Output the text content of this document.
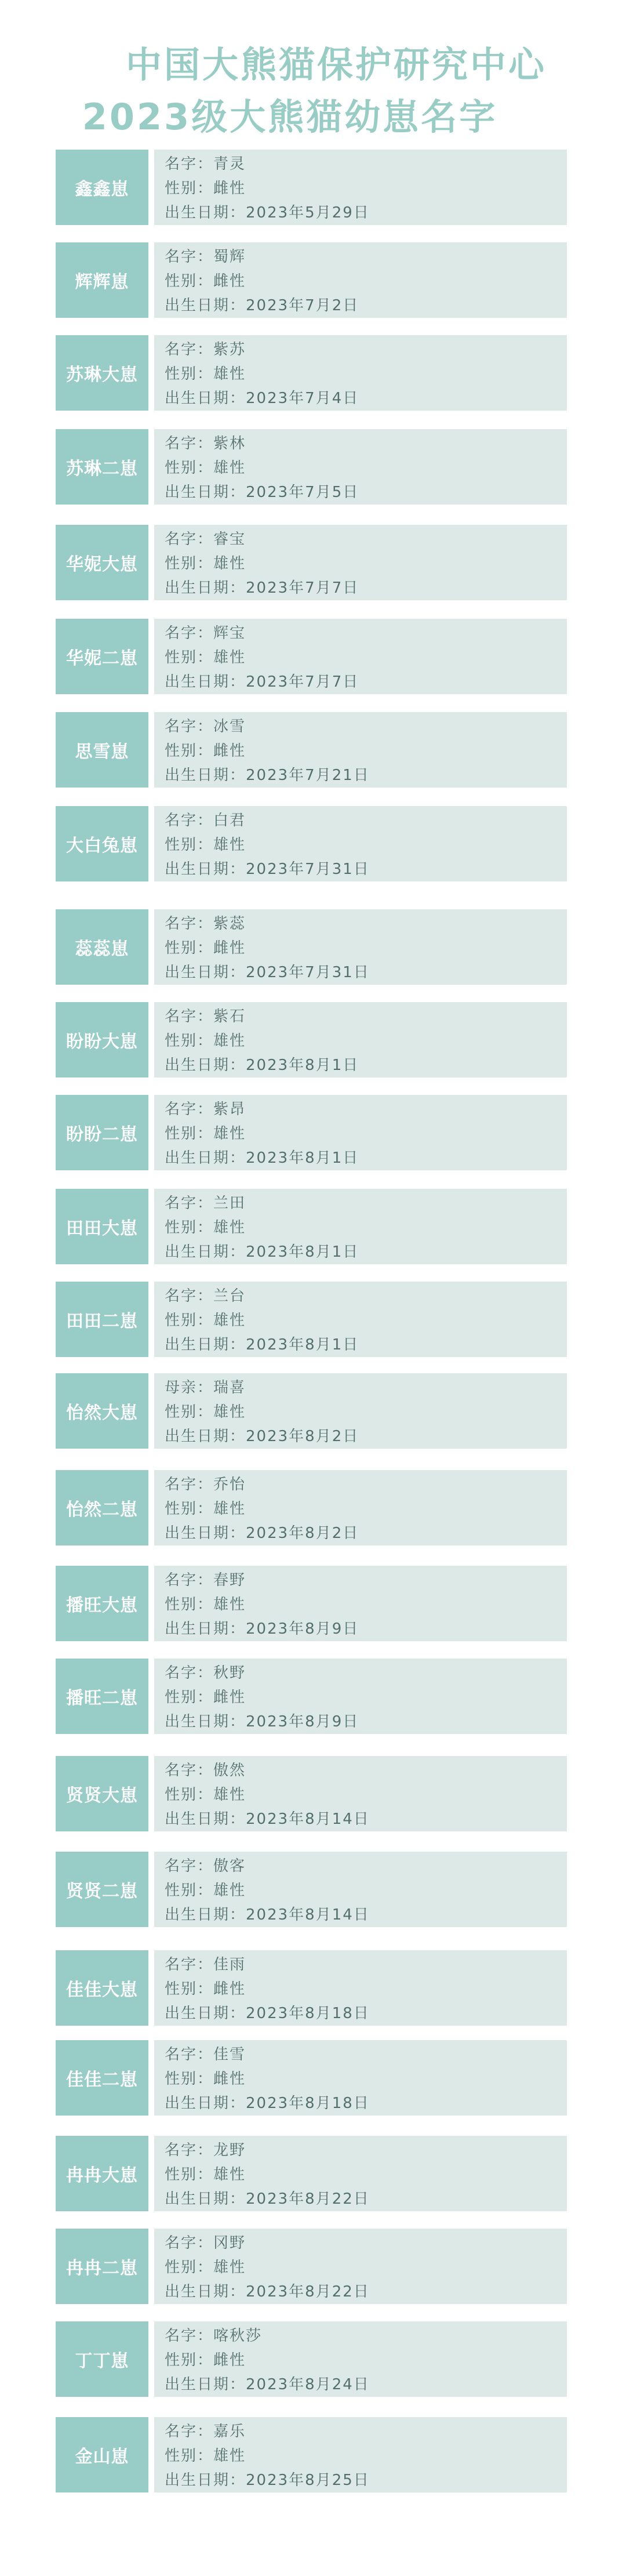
中国大熊猫保护研究中心
2023级大熊猫幼崽名字
鑫鑫崽
名字：青灵
性别：雌性
出生日期：2023年5月29日
辉辉崽
名字：蜀辉
性别：雌性
出生日期：2023年7月2日
苏琳大崽
名字：紫苏
性别：雄性
出生日期：2023年7月4日
苏琳二崽
名字：紫林
性别：雄性
出生日期：2023年7月5日
华妮大崽
名字：睿宝
性别：雄性
出生日期：2023年7月7日
华妮二崽
名字：辉宝
性别：雄性
出生日期：2023年7月7日
思雪崽
名字：冰雪
性别：雌性
出生日期：2023年7月21日
大白兔崽
名字：白君
性别：雄性
出生日期：2023年7月31日
蕊蕊崽
名字：紫蕊
性别：雌性
出生日期：2023年7月31日
盼盼大崽
名字：紫石
性别：雄性
出生日期：2023年8月1日
盼盼二崽
名字：紫昂
性别：雄性
出生日期：2023年8月1日
田田大崽
名字：兰田
性别：雄性
出生日期：2023年8月1日
田田二崽
名字：兰台
性别：雄性
出生日期：2023年8月1日
怡然大崽
母亲：瑞喜
性别：雄性
出生日期：2023年8月2日
怡然二崽
名字：乔怡
性别：雄性
出生日期：2023年8月2日
播旺大崽
名字：春野
性别：雄性
出生日期：2023年8月9日
播旺二崽
名字：秋野
性别：雌性
出生日期：2023年8月9日
贤贤大崽
名字：傲然
性别：雄性
出生日期：2023年8月14日
贤贤二崽
名字：傲客
性别：雄性
出生日期：2023年8月14日
佳佳大崽
名字：佳雨
性别：雌性
出生日期：2023年8月18日
佳佳二崽
名字：佳雪
性别：雌性
出生日期：2023年8月18日
冉冉大崽
名字：龙野
性别：雄性
出生日期：2023年8月22日
冉冉二崽
名字：冈野
性别：雄性
出生日期：2023年8月22日
丁丁崽
名字：喀秋莎
性别：雌性
出生日期：2023年8月24日
金山崽
名字：嘉乐
性别：雄性
出生日期：2023年8月25日
